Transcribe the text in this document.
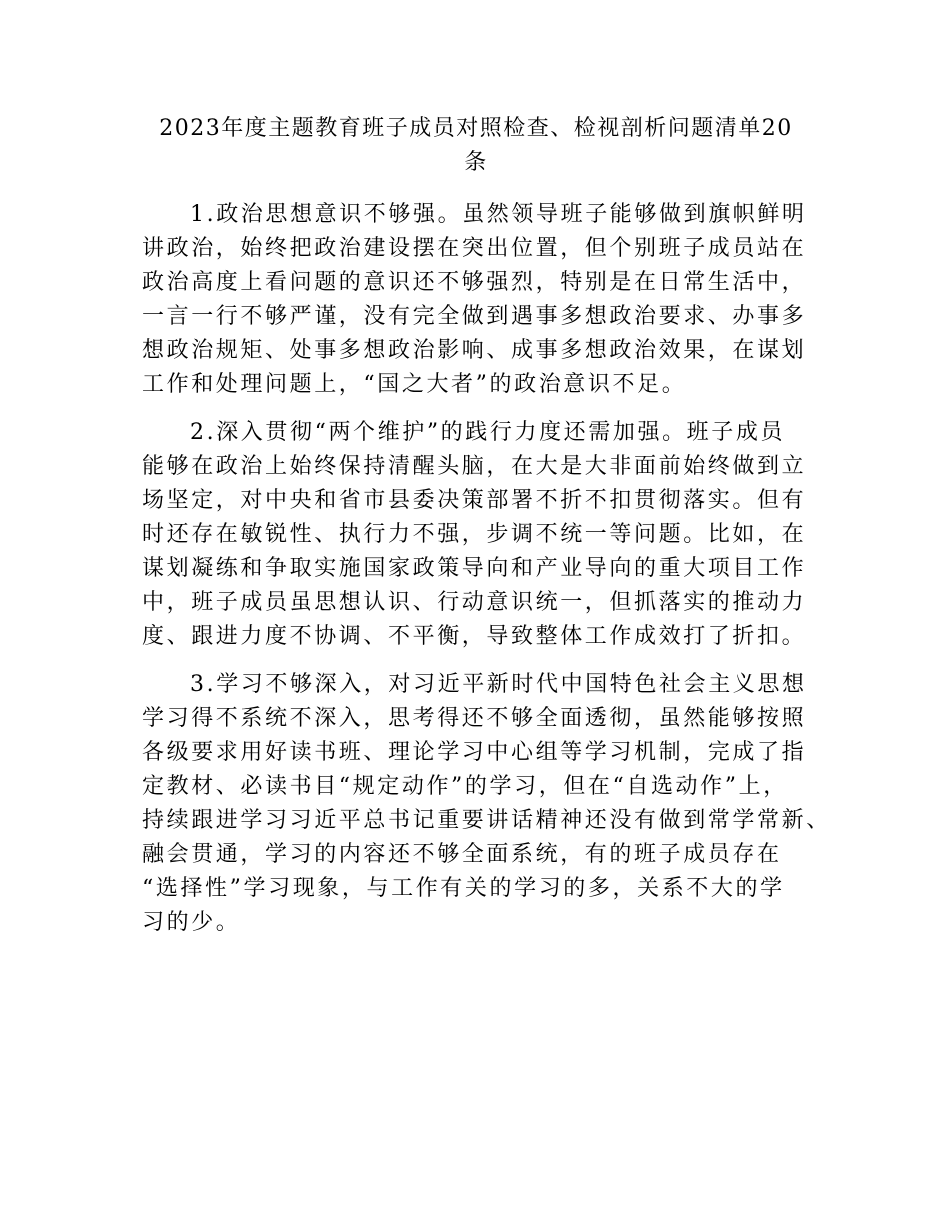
2023年度主题教育班子成员对照检查、检视剖析问题清单20
条

1.政治思想意识不够强。虽然领导班子能够做到旗帜鲜明
讲政治，始终把政治建设摆在突出位置，但个别班子成员站在
政治高度上看问题的意识还不够强烈，特别是在日常生活中，
一言一行不够严谨，没有完全做到遇事多想政治要求、办事多
想政治规矩、处事多想政治影响、成事多想政治效果，在谋划
工作和处理问题上，“国之大者”的政治意识不足。

2.深入贯彻“两个维护”的践行力度还需加强。班子成员
能够在政治上始终保持清醒头脑，在大是大非面前始终做到立
场坚定，对中央和省市县委决策部署不折不扣贯彻落实。但有
时还存在敏锐性、执行力不强，步调不统一等问题。比如，在
谋划凝练和争取实施国家政策导向和产业导向的重大项目工作
中，班子成员虽思想认识、行动意识统一，但抓落实的推动力
度、跟进力度不协调、不平衡，导致整体工作成效打了折扣。

3.学习不够深入，对习近平新时代中国特色社会主义思想
学习得不系统不深入，思考得还不够全面透彻，虽然能够按照
各级要求用好读书班、理论学习中心组等学习机制，完成了指
定教材、必读书目“规定动作”的学习，但在“自选动作”上，
持续跟进学习习近平总书记重要讲话精神还没有做到常学常新、
融会贯通，学习的内容还不够全面系统，有的班子成员存在
“选择性”学习现象，与工作有关的学习的多，关系不大的学
习的少。
